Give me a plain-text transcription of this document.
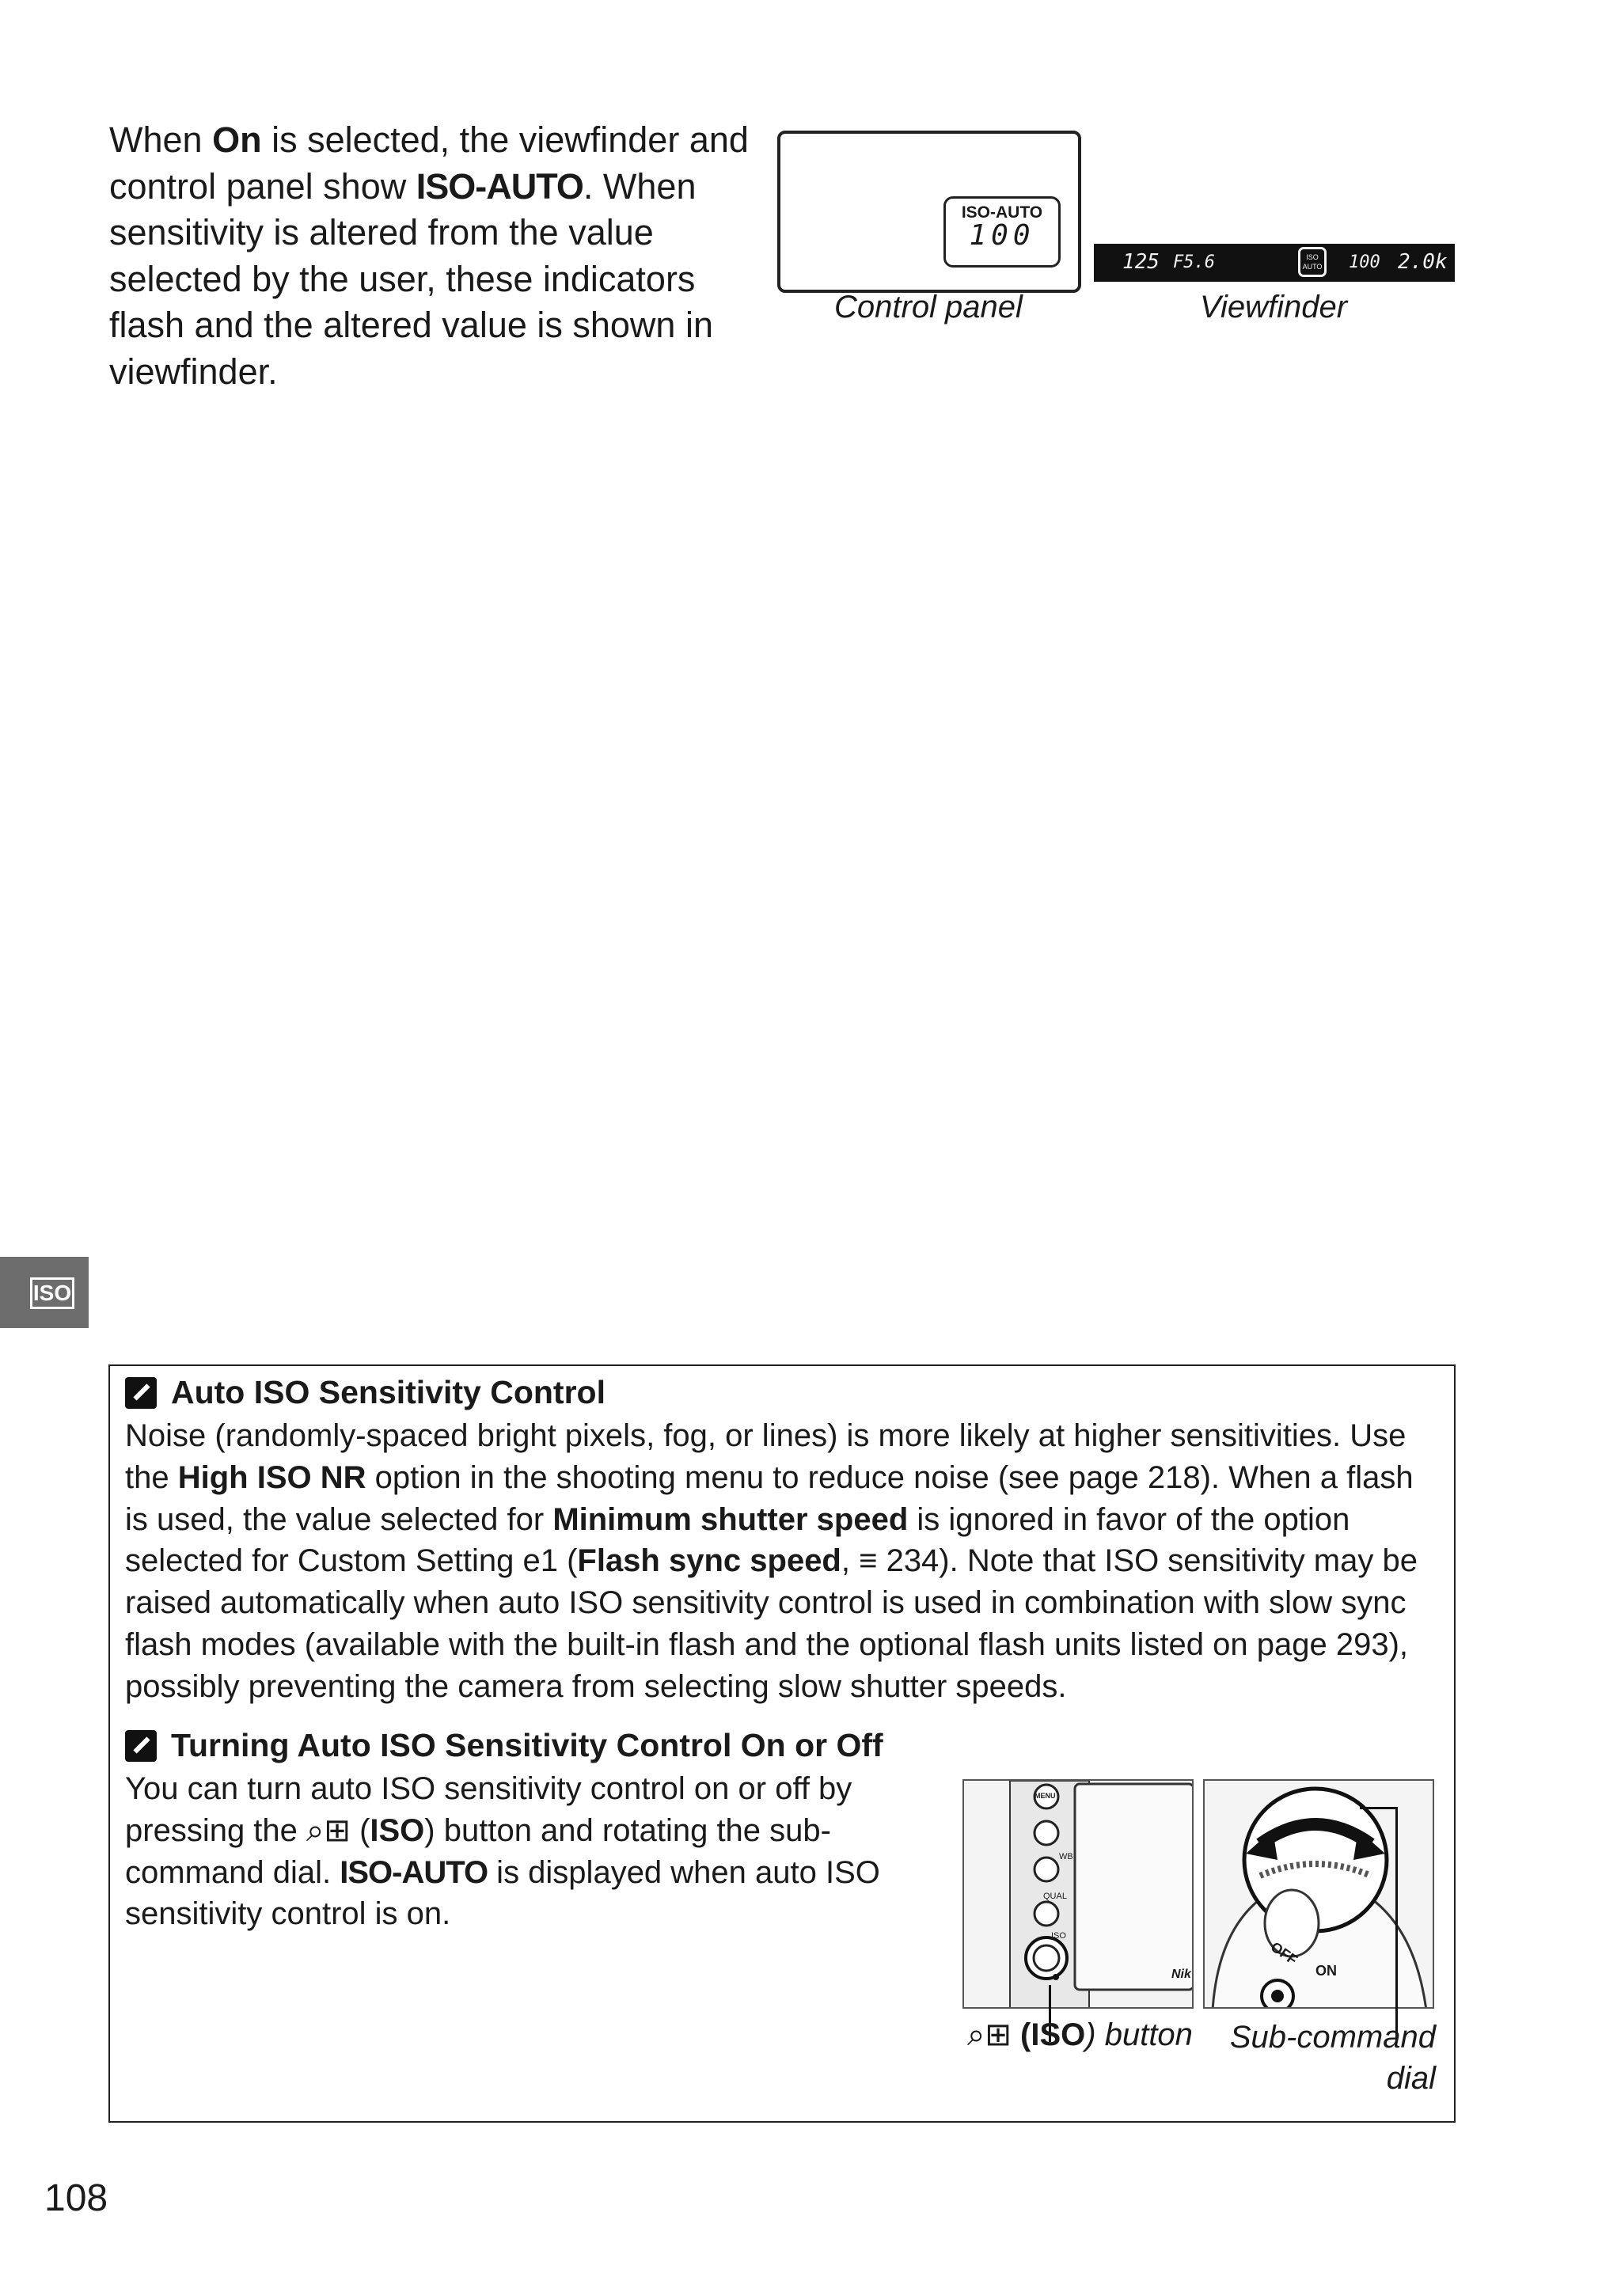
When On is selected, the viewfinder and control panel show ISO-AUTO. When sensitivity is altered from the value selected by the user, these indicators flash and the altered value is shown in viewfinder.

ISO-AUTO
100
Control panel
125 F5.6	ISO
AUTO 100 2.0k
Viewfinder
ISO
Auto ISO Sensitivity Control

Noise (randomly-spaced bright pixels, fog, or lines) is more likely at higher sensitivities. Use the High ISO NR option in the shooting menu to reduce noise (see page 218). When a flash is used, the value selected for Minimum shutter speed is ignored in favor of the option selected for Custom Setting e1 (Flash sync speed, ≡ 234). Note that ISO sensitivity may be raised automatically when auto ISO sensitivity control is used in combination with slow sync flash modes (available with the built-in flash and the optional flash units listed on page 293), possibly preventing the camera from selecting slow shutter speeds.

Turning Auto ISO Sensitivity Control On or Off

You can turn auto ISO sensitivity control on or off by pressing the ⌕⊞ (ISO) button and rotating the sub-command dial. ISO-AUTO is displayed when auto ISO sensitivity control is on.

MENU
WB
QUAL
ISO
Nik
OFF
ON
⌕⊞ (ISO) button	Sub-command dial
108
